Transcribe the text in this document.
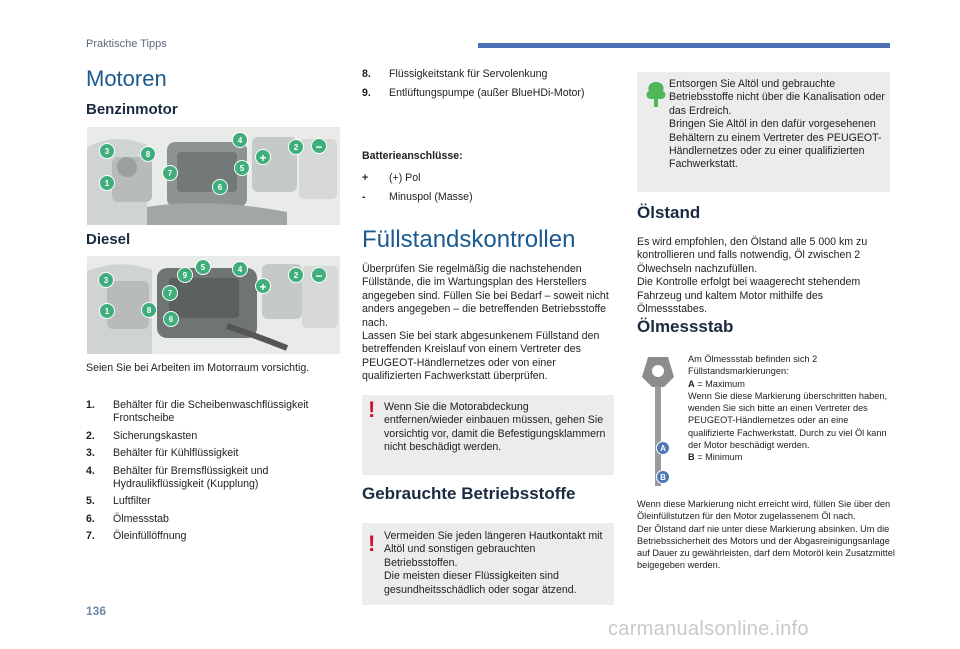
Praktische Tipps
Motoren
Benzinmotor
4
3	8
5
2
7
1	6
+
−
Diesel
5
9
4
2
3
7
1	8
6
+
−
Seien Sie bei Arbeiten im Motorraum vorsichtig.
1.	Behälter für die Scheibenwaschflüssigkeit Frontscheibe
2.	Sicherungskasten
3.	Behälter für Kühlflüssigkeit
4.	Behälter für Bremsflüssigkeit und Hydraulikflüssigkeit (Kupplung)
5.	Luftfilter
6.	Ölmessstab
7.	Öleinfüllöffnung
8.	Flüssigkeitstank für Servolenkung
9.	Entlüftungspumpe (außer BlueHDi-Motor)
Batterieanschlüsse:
+	(+) Pol
-	Minuspol (Masse)
Füllstandskontrollen
Überprüfen Sie regelmäßig die nachstehenden Füllstände, die im Wartungsplan des Herstellers angegeben sind. Füllen Sie bei Bedarf – soweit nicht anders angegeben – die betreffenden Betriebsstoffe nach.
Lassen Sie bei stark abgesunkenem Füllstand den betreffenden Kreislauf von einem Vertreter des PEUGEOT-Händlernetzes oder von einer qualifizierten Fachwerkstatt überprüfen.
! Wenn Sie die Motorabdeckung entfernen/wieder einbauen müssen, gehen Sie vorsichtig vor, damit die Befestigungsklammern nicht beschädigt werden.
Gebrauchte Betriebsstoffe
! Vermeiden Sie jeden längeren Hautkontakt mit Altöl und sonstigen gebrauchten Betriebsstoffen.
Die meisten dieser Flüssigkeiten sind gesundheitsschädlich oder sogar ätzend.
Entsorgen Sie Altöl und gebrauchte Betriebsstoffe nicht über die Kanalisation oder das Erdreich.
Bringen Sie Altöl in den dafür vorgesehenen Behältern zu einem Vertreter des PEUGEOT-Händlernetzes oder zu einer qualifizierten Fachwerkstatt.
Ölstand
Es wird empfohlen, den Ölstand alle 5 000 km zu kontrollieren und falls notwendig, Öl zwischen 2 Ölwechseln nachzufüllen.
Die Kontrolle erfolgt bei waagerecht stehendem Fahrzeug und kaltem Motor mithilfe des Ölmessstabes.
Ölmessstab
A
B
Am Ölmessstab befinden sich 2 Füllstandsmarkierungen:
A = Maximum
Wenn Sie diese Markierung überschritten haben, wenden Sie sich bitte an einen Vertreter des PEUGEOT-Händlernetzes oder an eine qualifizierte Fachwerkstatt. Durch zu viel Öl kann der Motor beschädigt werden.
B = Minimum
Wenn diese Markierung nicht erreicht wird, füllen Sie über den Öleinfüllstutzen für den Motor zugelassenem Öl nach.
Der Ölstand darf nie unter diese Markierung absinken. Um die Betriebssicherheit des Motors und der Abgasreinigungsanlage auf Dauer zu gewährleisten, darf dem Motoröl kein Zusatzmittel beigegeben werden.
136
carmanualsonline.info
